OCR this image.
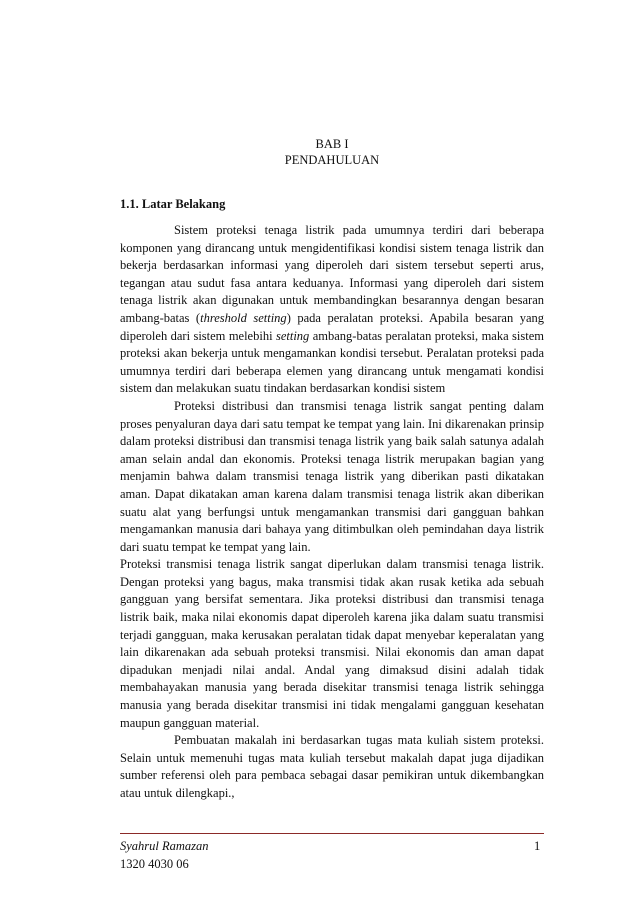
BAB I
PENDAHULUAN
1.1. Latar Belakang

Sistem proteksi tenaga listrik pada umumnya terdiri dari beberapa komponen yang dirancang untuk mengidentifikasi kondisi sistem tenaga listrik dan bekerja berdasarkan informasi yang diperoleh dari sistem tersebut seperti arus, tegangan atau sudut fasa antara keduanya. Informasi yang diperoleh dari sistem tenaga listrik akan digunakan untuk membandingkan besarannya dengan besaran ambang-batas (threshold setting) pada peralatan proteksi. Apabila besaran yang diperoleh dari sistem melebihi setting ambang-batas peralatan proteksi, maka sistem proteksi akan bekerja untuk mengamankan kondisi tersebut. Peralatan proteksi pada umumnya terdiri dari beberapa elemen yang dirancang untuk mengamati kondisi sistem dan melakukan suatu tindakan berdasarkan kondisi sistem

Proteksi distribusi dan transmisi tenaga listrik sangat penting dalam proses penyaluran daya dari satu tempat ke tempat yang lain. Ini dikarenakan prinsip dalam proteksi distribusi dan transmisi tenaga listrik yang baik salah satunya adalah aman selain andal dan ekonomis. Proteksi tenaga listrik merupakan bagian yang menjamin bahwa dalam transmisi tenaga listrik yang diberikan pasti dikatakan aman. Dapat dikatakan aman karena dalam transmisi tenaga listrik akan diberikan suatu alat yang berfungsi untuk mengamankan transmisi dari gangguan bahkan mengamankan manusia dari bahaya yang ditimbulkan oleh pemindahan daya listrik dari suatu tempat ke tempat yang lain.

Proteksi transmisi tenaga listrik sangat diperlukan dalam transmisi tenaga listrik. Dengan proteksi yang bagus, maka transmisi tidak akan rusak ketika ada sebuah gangguan yang bersifat sementara. Jika proteksi distribusi dan transmisi tenaga listrik baik, maka nilai ekonomis dapat diperoleh karena jika dalam suatu transmisi terjadi gangguan, maka kerusakan peralatan tidak dapat menyebar keperalatan yang lain dikarenakan ada sebuah proteksi transmisi. Nilai ekonomis dan aman dapat dipadukan menjadi nilai andal. Andal yang dimaksud disini adalah tidak membahayakan manusia yang berada disekitar transmisi tenaga listrik sehingga manusia yang berada disekitar transmisi ini tidak mengalami gangguan kesehatan maupun gangguan material.

Pembuatan makalah ini berdasarkan tugas mata kuliah sistem proteksi. Selain untuk memenuhi tugas mata kuliah tersebut makalah dapat juga dijadikan sumber referensi oleh para pembaca sebagai dasar pemikiran untuk dikembangkan atau untuk dilengkapi.,

Syahrul Ramazan
1320 4030 06
1
